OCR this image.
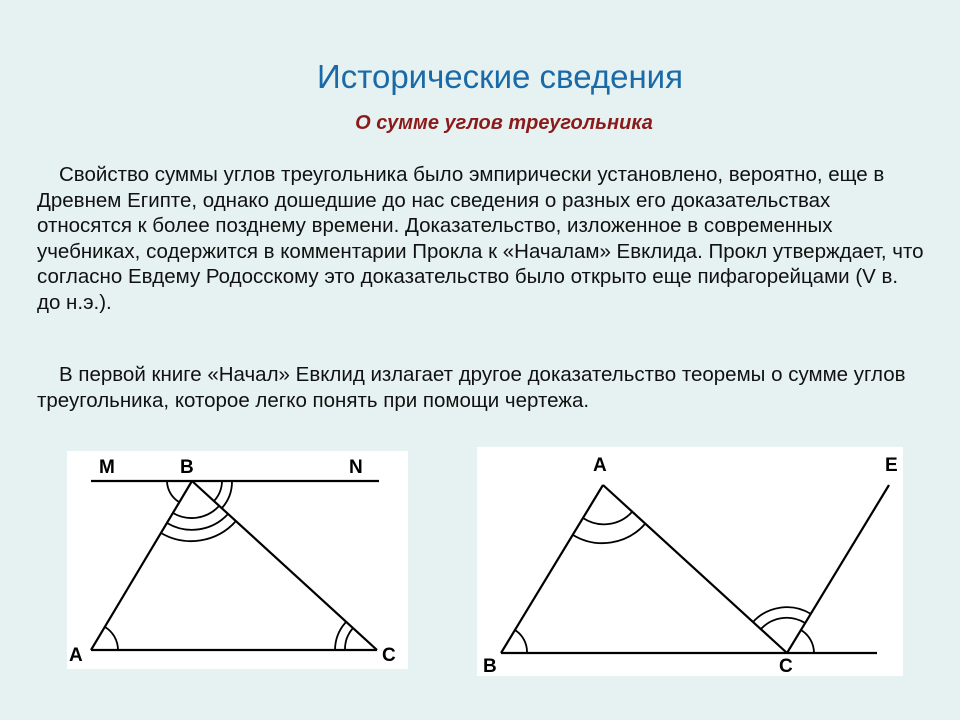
Исторические сведения
О сумме углов треугольника

Свойство суммы углов треугольника было эмпирически установлено, вероятно, еще в Древнем Египте, однако дошедшие до нас сведения о разных его доказательствах относятся к более позднему времени. Доказательство, изложенное в современных учебниках, содержится в комментарии Прокла к «Началам» Евклида. Прокл утверждает, что согласно Евдему Родосскому это доказательство было открыто еще пифагорейцами (V в. до н.э.).

В первой книге «Начал» Евклид излагает другое доказательство теоремы о сумме углов треугольника, которое легко понять при помощи чертежа.

M	B	N
A	C
A	E
B	C
